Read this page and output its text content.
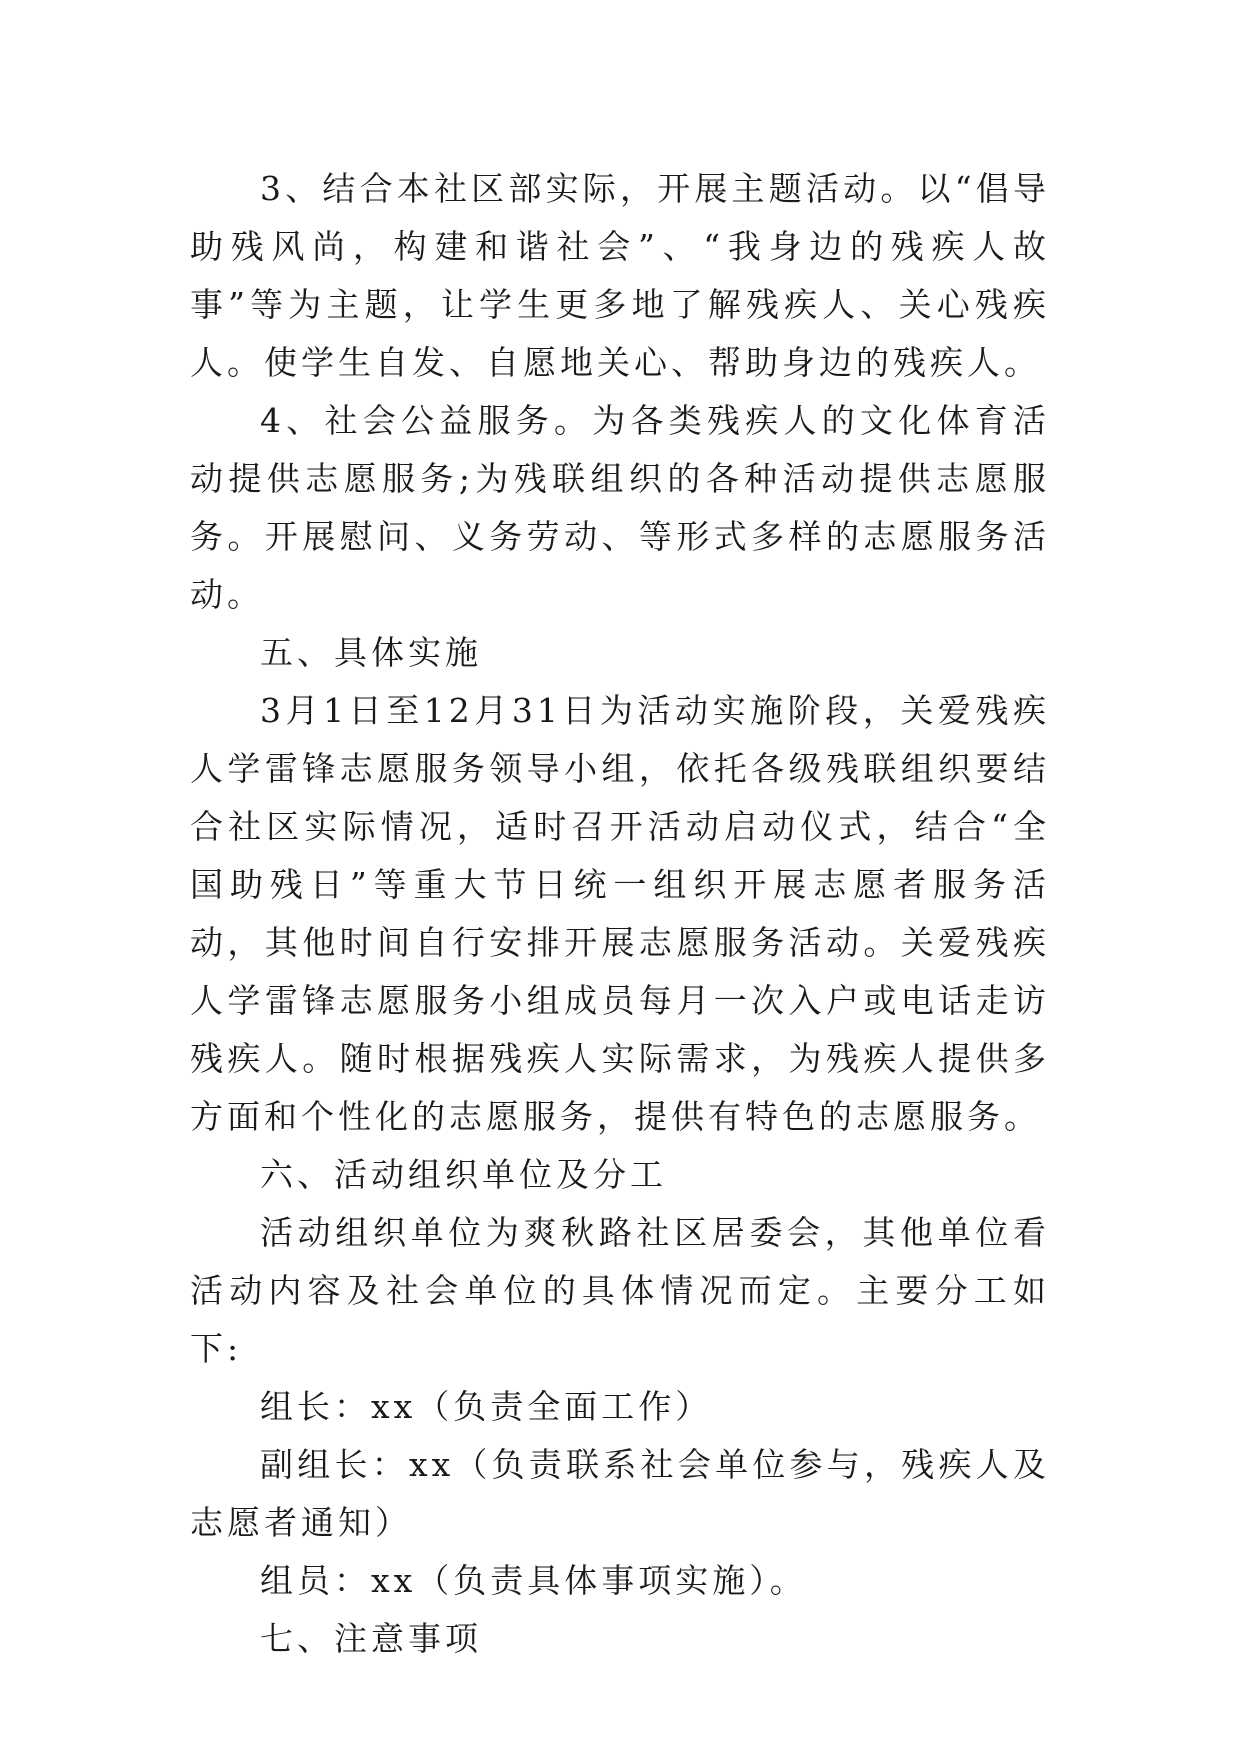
3、结合本社区部实际，开展主题活动。以“倡导助残风尚，构建和谐社会”、“我身边的残疾人故事”等为主题，让学生更多地了解残疾人、关心残疾人。使学生自发、自愿地关心、帮助身边的残疾人。

4、社会公益服务。为各类残疾人的文化体育活动提供志愿服务;为残联组织的各种活动提供志愿服务。开展慰问、义务劳动、等形式多样的志愿服务活动。

五、具体实施

3月1日至12月31日为活动实施阶段，关爱残疾人学雷锋志愿服务领导小组，依托各级残联组织要结合社区实际情况，适时召开活动启动仪式，结合“全国助残日”等重大节日统一组织开展志愿者服务活动，其他时间自行安排开展志愿服务活动。关爱残疾人学雷锋志愿服务小组成员每月一次入户或电话走访残疾人。随时根据残疾人实际需求，为残疾人提供多方面和个性化的志愿服务，提供有特色的志愿服务。

六、活动组织单位及分工

活动组织单位为爽秋路社区居委会，其他单位看活动内容及社会单位的具体情况而定。主要分工如下:

组长：xx（负责全面工作）

副组长：xx（负责联系社会单位参与，残疾人及志愿者通知）

组员：xx（负责具体事项实施）。

七、注意事项
